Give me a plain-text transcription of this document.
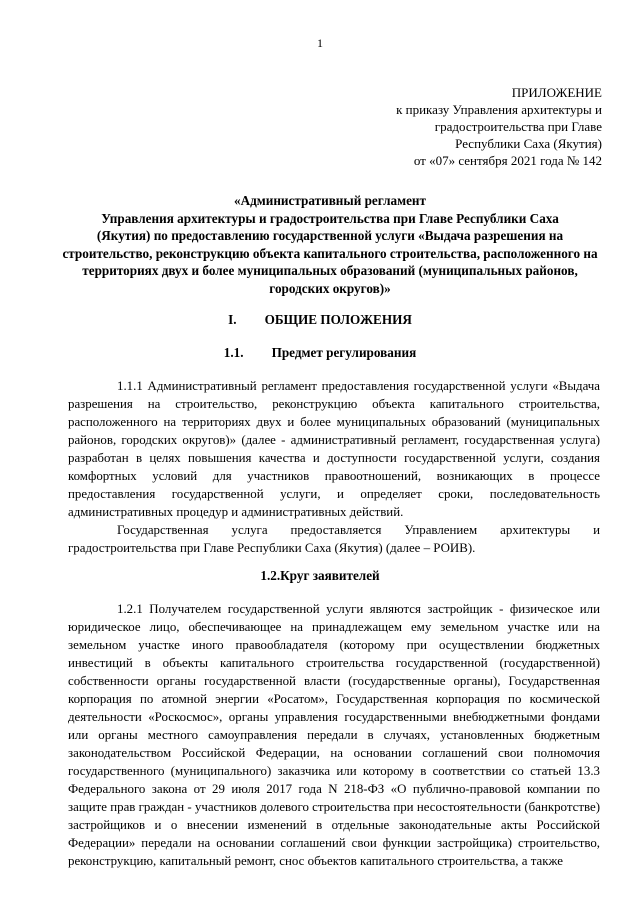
1
ПРИЛОЖЕНИЕ
к приказу Управления архитектуры и
градостроительства при Главе
Республики Саха (Якутия)
от «07» сентября 2021 года № 142
«Административный регламент
Управления архитектуры и градостроительства при Главе Республики Саха
(Якутия) по предоставлению государственной услуги «Выдача разрешения на
строительство, реконструкцию объекта капитального строительства, расположенного на
территориях двух и более муниципальных образований (муниципальных районов,
городских округов)»
I. ОБЩИЕ ПОЛОЖЕНИЯ
1.1. Предмет регулирования

1.1.1 Административный регламент предоставления государственной услуги «Выдача разрешения на строительство, реконструкцию объекта капитального строительства, расположенного на территориях двух и более муниципальных образований (муниципальных районов, городских округов)» (далее - административный регламент, государственная услуга) разработан в целях повышения качества и доступности государственной услуги, создания комфортных условий для участников правоотношений, возникающих в процессе предоставления государственной услуги, и определяет сроки, последовательность административных процедур и административных действий.

Государственная услуга предоставляется Управлением архитектуры и градостроительства при Главе Республики Саха (Якутия) (далее – РОИВ).

1.2.Круг заявителей

1.2.1 Получателем государственной услуги являются застройщик - физическое или юридическое лицо, обеспечивающее на принадлежащем ему земельном участке или на земельном участке иного правообладателя (которому при осуществлении бюджетных инвестиций в объекты капитального строительства государственной (государственной) собственности органы государственной власти (государственные органы), Государственная корпорация по атомной энергии «Росатом», Государственная корпорация по космической деятельности «Роскосмос», органы управления государственными внебюджетными фондами или органы местного самоуправления передали в случаях, установленных бюджетным законодательством Российской Федерации, на основании соглашений свои полномочия государственного (муниципального) заказчика или которому в соответствии со статьей 13.3 Федерального закона от 29 июля 2017 года N 218-ФЗ «О публично-правовой компании по защите прав граждан - участников долевого строительства при несостоятельности (банкротстве) застройщиков и о внесении изменений в отдельные законодательные акты Российской Федерации» передали на основании соглашений свои функции застройщика) строительство, реконструкцию, капитальный ремонт, снос объектов капитального строительства, а также
